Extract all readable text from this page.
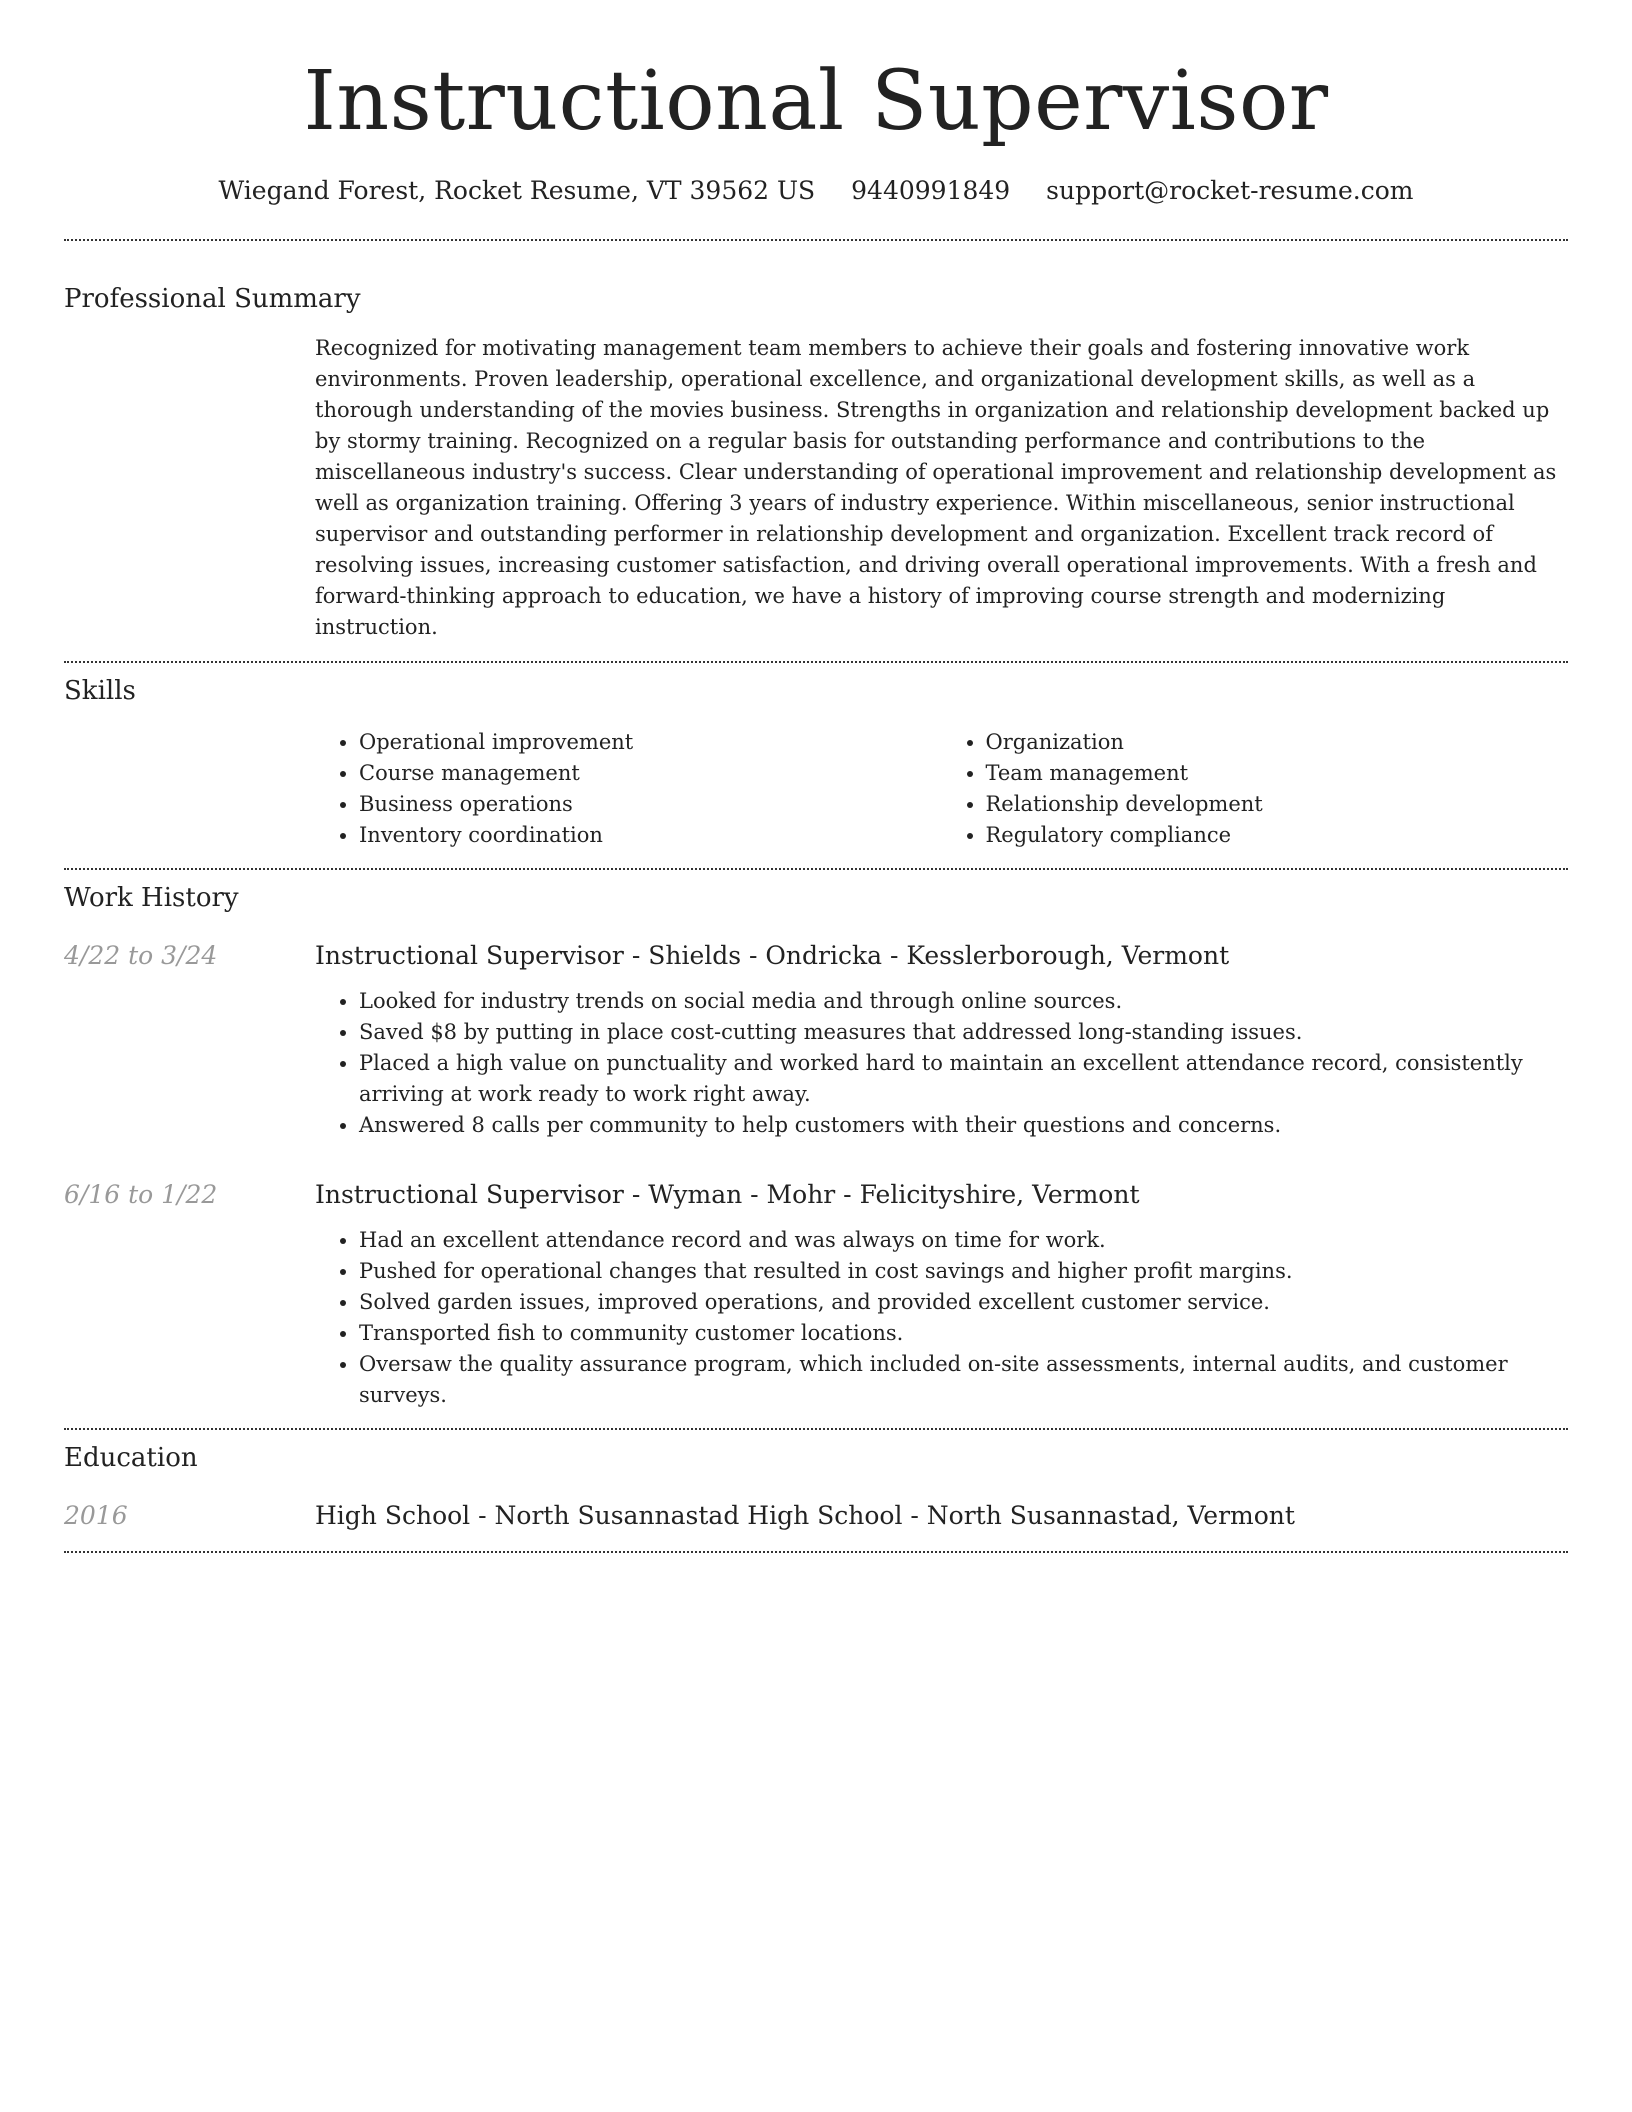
Instructional Supervisor
Wiegand Forest, Rocket Resume, VT 39562 US 9440991849 support@rocket-resume.com
Professional Summary
Recognized for motivating management team members to achieve their goals and fostering innovative work environments. Proven leadership, operational excellence, and organizational development skills, as well as a thorough understanding of the movies business. Strengths in organization and relationship development backed up by stormy training. Recognized on a regular basis for outstanding performance and contributions to the miscellaneous industry's success. Clear understanding of operational improvement and relationship development as well as organization training. Offering 3 years of industry experience. Within miscellaneous, senior instructional supervisor and outstanding performer in relationship development and organization. Excellent track record of resolving issues, increasing customer satisfaction, and driving overall operational improvements. With a fresh and forward-thinking approach to education, we have a history of improving course strength and modernizing instruction.
Skills
• Operational improvement
• Course management
• Business operations
• Inventory coordination
• Organization
• Team management
• Relationship development
• Regulatory compliance
Work History
4/22 to 3/24	Instructional Supervisor - Shields - Ondricka - Kesslerborough, Vermont
• Looked for industry trends on social media and through online sources.
• Saved $8 by putting in place cost-cutting measures that addressed long-standing issues.
• Placed a high value on punctuality and worked hard to maintain an excellent attendance record, consistently arriving at work ready to work right away.
• Answered 8 calls per community to help customers with their questions and concerns.
6/16 to 1/22	Instructional Supervisor - Wyman - Mohr - Felicityshire, Vermont
• Had an excellent attendance record and was always on time for work.
• Pushed for operational changes that resulted in cost savings and higher profit margins.
• Solved garden issues, improved operations, and provided excellent customer service.
• Transported fish to community customer locations.
• Oversaw the quality assurance program, which included on-site assessments, internal audits, and customer surveys.
Education
2016	High School - North Susannastad High School - North Susannastad, Vermont
